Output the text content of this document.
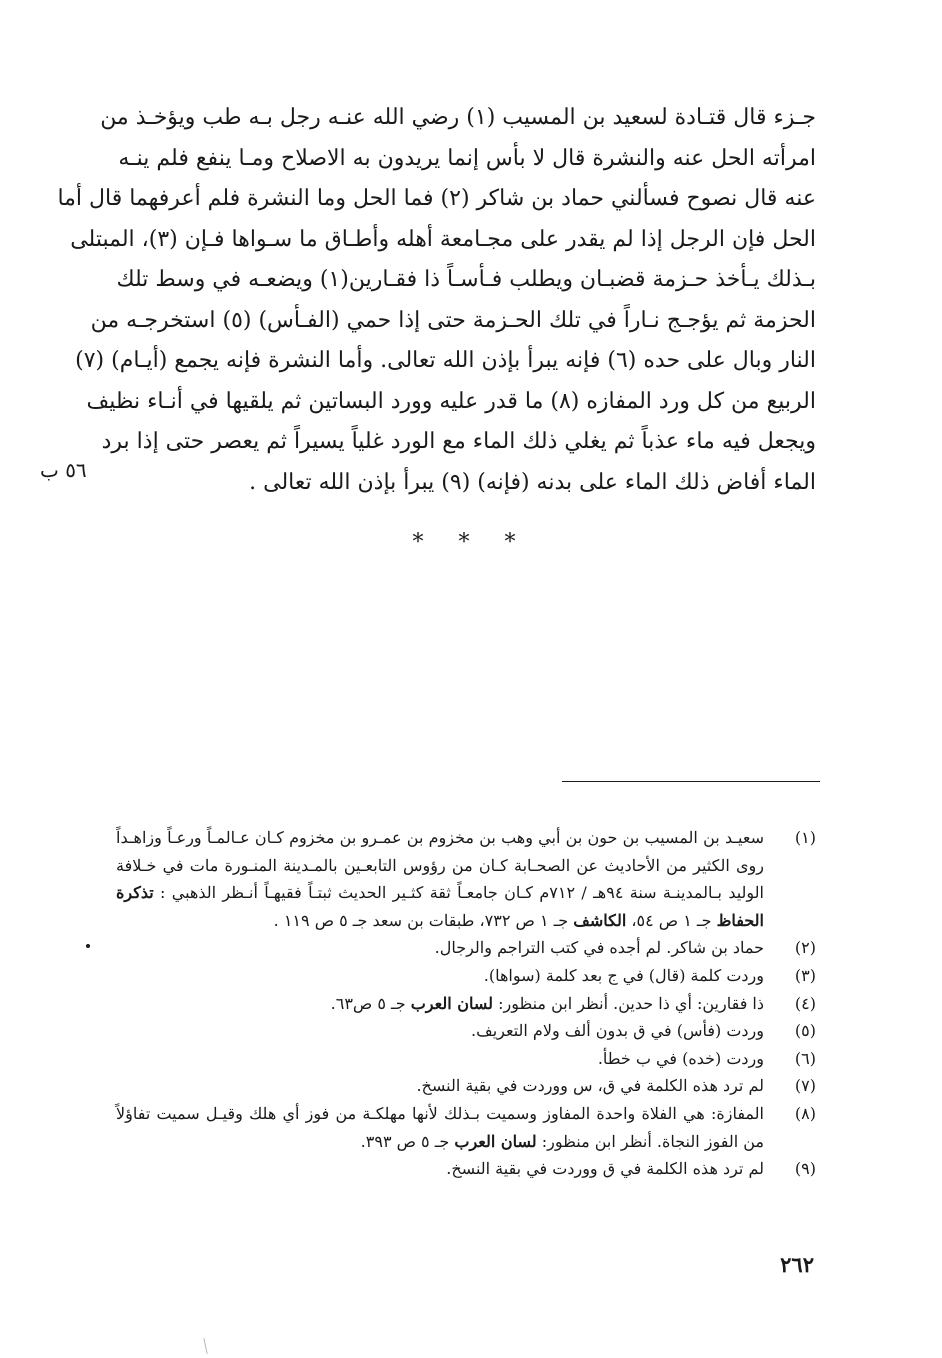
جـزء قال قتـادة لسعيد بن المسيب (١) رضي الله عنـه رجل بـه طب ويؤخـذ من
امرأته الحل عنه والنشرة قال لا بأس إنما يريدون به الاصلاح ومـا ينفع فلم ينـه
عنه قال نصوح فسألني حماد بن شاكر (٢) فما الحل وما النشرة فلم أعرفهما قال أما
الحل فإن الرجل إذا لم يقدر على مجـامعة أهله وأطـاق ما سـواها فـإن (٣)، المبتلى
بـذلك يـأخذ حـزمة قضبـان ويطلب فـأسـاً ذا فقـارين(١) ويضعـه في وسط تلك
الحزمة ثم يؤجـج نـاراً في تلك الحـزمة حتى إذا حمي (الفـأس) (٥) استخرجـه من
النار وبال على حده (٦) فإنه يبرأ بإذن الله تعالى. وأما النشرة فإنه يجمع (أيـام) (٧)
الربيع من كل ورد المفازه (٨) ما قدر عليه وورد البساتين ثم يلقيها في أنـاء نظيف
ويجعل فيه ماء عذباً ثم يغلي ذلك الماء مع الورد غلياً يسيراً ثم يعصر حتى إذا برد
الماء أفاض ذلك الماء على بدنه (فإنه) (٩) يبرأ بإذن الله تعالى .
٥٦ ب
* * *
(١)
سعيـد بن المسيب بن حون بن أبي وهب بن مخزوم بن عمـرو بن مخزوم كـان عـالمـاً ورعـاً وزاهـداً روى الكثير من الأحاديث عن الصحـابة كـان من رؤوس التابعـين بالمـدينة المنـورة مات في خـلافة الوليد بـالمدينـة سنة ٩٤هـ / ٧١٢م كـان جامعـاً ثقة كثـير الحديث ثبتـاً فقيهـاً أنـظر الذهبي : تذكرة الحفاظ جـ ١ ص ٥٤، الكاشف جـ ١ ص ٧٣٢، طبقات بن سعد جـ ٥ ص ١١٩ .
(٢)
حماد بن شاكر. لم أجده في كتب التراجم والرجال.
(٣)
وردت كلمة (قال) في ج بعد كلمة (سواها).
(٤)
ذا فقارين: أي ذا حدين. أنظر ابن منظور: لسان العرب جـ ٥ ص٦٣.
(٥)
وردت (فأس) في ق بدون ألف ولام التعريف.
(٦)
وردت (خده) في ب خطأ.
(٧)
لم ترد هذه الكلمة في ق، س ووردت في بقية النسخ.
(٨)
المفازة: هي الفلاة واحدة المفاوز وسميت بـذلك لأنها مهلكـة من فوز أي هلك وقيـل سميت تفاؤلاً من الفوز النجاة. أنظر ابن منظور: لسان العرب جـ ٥ ص ٣٩٣.
(٩)
لم ترد هذه الكلمة في ق ووردت في بقية النسخ.
٢٦٢
